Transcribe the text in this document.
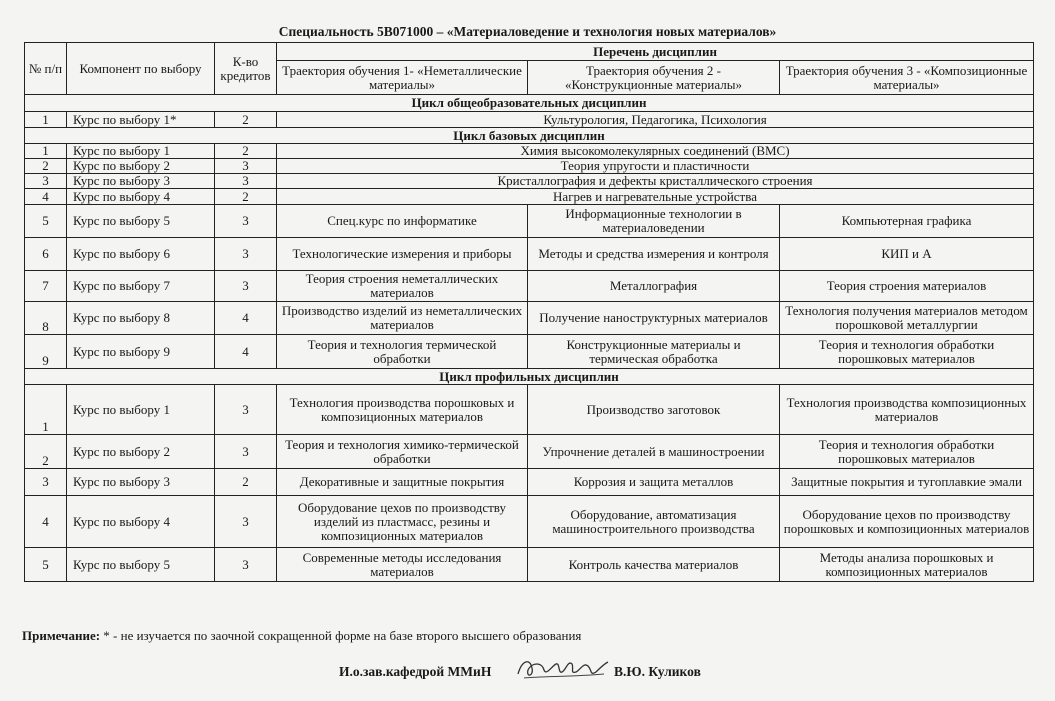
Специальность 5В071000 – «Материаловедение и технология новых материалов»
№ п/п	Компонент по выбору	К-во кредитов	Перечень дисциплин		
			Траектория обучения 1- «Неметаллические материалы»	Траектория обучения 2 - «Конструкционные материалы»	Траектория обучения 3 - «Композиционные материалы»

Цикл общеобразовательных дисциплин					
1	Курс по выбору 1*	2	Культурология, Педагогика, Психология		
Цикл базовых дисциплин					
1	Курс по выбору 1	2	Химия высокомолекулярных соединений (ВМС)		
2	Курс по выбору 2	3	Теория упругости и пластичности		
3	Курс по выбору 3	3	Кристаллография и дефекты кристаллического строения		
4	Курс по выбору 4	2	Нагрев и нагревательные устройства		
5	Курс по выбору 5	3	Спец.курс по информатике	Информационные технологии в материаловедении	Компьютерная графика
6	Курс по выбору 6	3	Технологические измерения и приборы	Методы и средства измерения и контроля	КИП и А
7	Курс по выбору 7	3	Теория строения неметаллических материалов	Металлография	Теория строения материалов
8	Курс по выбору 8	4	Производство изделий из неметаллических материалов	Получение наноструктурных материалов	Технология получения материалов методом порошковой металлургии
9	Курс по выбору 9	4	Теория и технология термической обработки	Конструкционные материалы и термическая обработка	Теория и технология обработки порошковых материалов
Цикл профильных дисциплин					
1	Курс по выбору 1	3	Технология производства порошковых и композиционных материалов	Производство заготовок	Технология производства композиционных материалов
2	Курс по выбору 2	3	Теория и технология химико-термической обработки	Упрочнение деталей в машиностроении	Теория и технология обработки порошковых материалов
3	Курс по выбору 3	2	Декоративные и защитные покрытия	Коррозия и защита металлов	Защитные покрытия и тугоплавкие эмали
4	Курс по выбору 4	3	Оборудование цехов по производству изделий из пластмасс, резины и композиционных материалов	Оборудование, автоматизация машиностроительного производства	Оборудование цехов по производству порошковых и композиционных материалов
5	Курс по выбору 5	3	Современные методы исследования материалов	Контроль качества материалов	Методы анализа порошковых и композиционных материалов
Примечание: * - не изучается по заочной сокращенной форме на базе второго высшего образования
И.о.зав.кафедрой ММиН	В.Ю. Куликов
